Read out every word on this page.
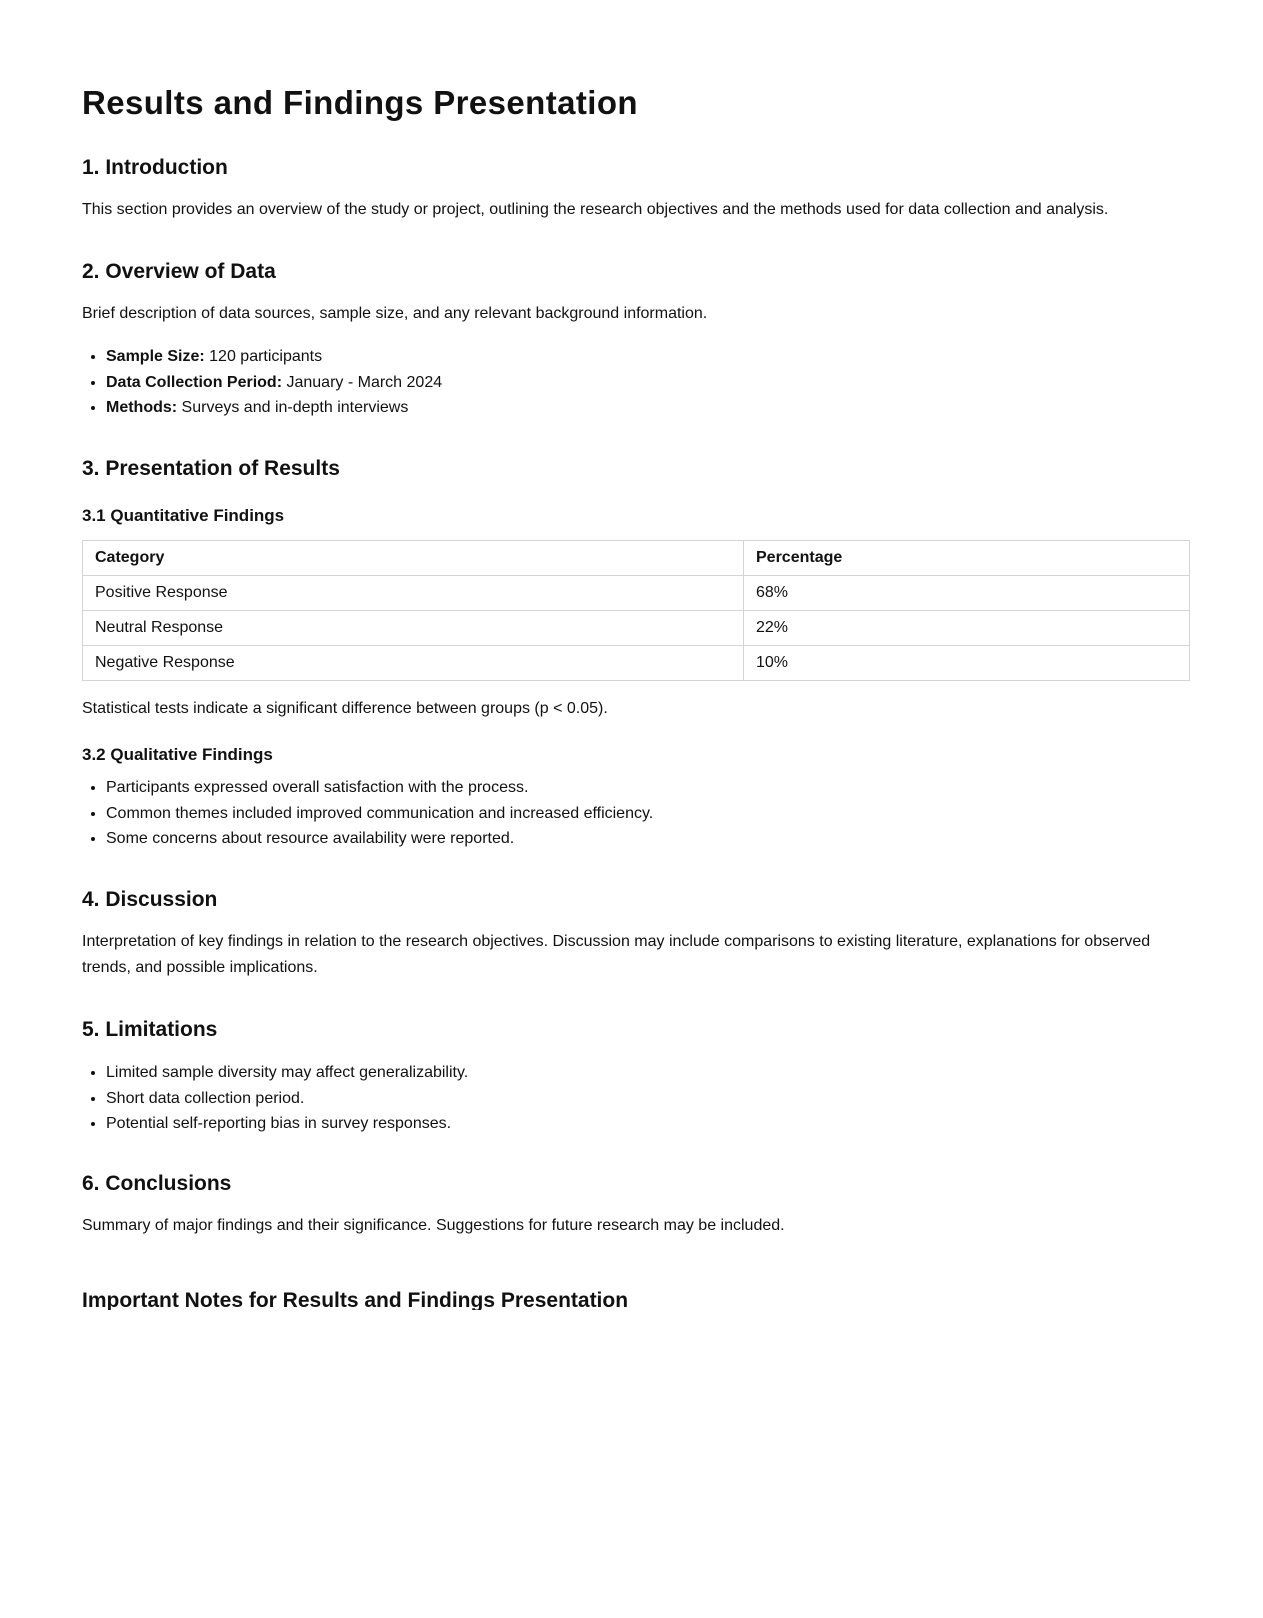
Results and Findings Presentation
1. Introduction

This section provides an overview of the study or project, outlining the research objectives and the methods used for data collection and analysis.

2. Overview of Data

Brief description of data sources, sample size, and any relevant background information.

• Sample Size: 120 participants
• Data Collection Period: January - March 2024
• Methods: Surveys and in-depth interviews
3. Presentation of Results
3.1 Quantitative Findings
Category	Percentage
Positive Response	68%
Neutral Response	22%
Negative Response	10%

Statistical tests indicate a significant difference between groups (p < 0.05).

3.2 Qualitative Findings
• Participants expressed overall satisfaction with the process.
• Common themes included improved communication and increased efficiency.
• Some concerns about resource availability were reported.
4. Discussion

Interpretation of key findings in relation to the research objectives. Discussion may include comparisons to existing literature, explanations for observed trends, and possible implications.

5. Limitations
• Limited sample diversity may affect generalizability.
• Short data collection period.
• Potential self-reporting bias in survey responses.
6. Conclusions

Summary of major findings and their significance. Suggestions for future research may be included.

Important Notes for Results and Findings Presentation
